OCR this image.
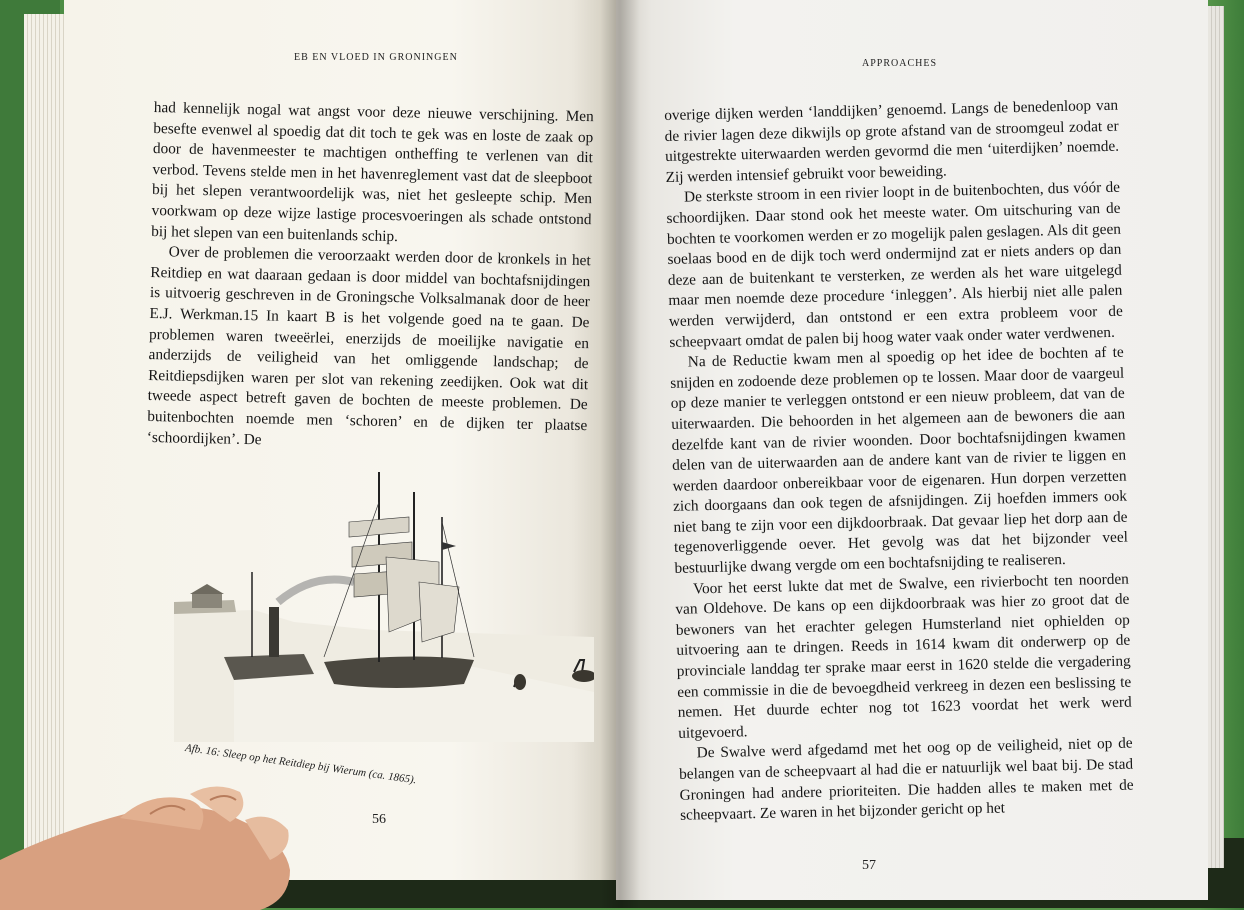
EB EN VLOED IN GRONINGEN

had kennelijk nogal wat angst voor deze nieuwe verschijning. Men besefte evenwel al spoedig dat dit toch te gek was en loste de zaak op door de havenmeester te machtigen ontheffing te verlenen van dit verbod. Tevens stelde men in het havenreglement vast dat de sleepboot bij het slepen verantwoordelijk was, niet het gesleepte schip. Men voorkwam op deze wijze lastige procesvoeringen als schade ontstond bij het slepen van een buitenlands schip.

Over de problemen die veroorzaakt werden door de kronkels in het Reitdiep en wat daaraan gedaan is door middel van bochtafsnijdingen is uitvoerig geschreven in de Groningsche Volksalmanak door de heer E.J. Werkman.15 In kaart B is het volgende goed na te gaan. De problemen waren tweeërlei, enerzijds de moeilijke navigatie en anderzijds de veiligheid van het omliggende landschap; de Reitdiepsdijken waren per slot van rekening zeedijken. Ook wat dit tweede aspect betreft gaven de bochten de meeste problemen. De buitenbochten noemde men ‘schoren’ en de dijken ter plaatse ‘schoordijken’. De

Afb. 16: Sleep op het Reitdiep bij Wierum (ca. 1865).
56
APPROACHES

overige dijken werden ‘landdijken’ genoemd. Langs de benedenloop van de rivier lagen deze dikwijls op grote afstand van de stroomgeul zodat er uitgestrekte uiterwaarden werden gevormd die men ‘uiterdijken’ noemde. Zij werden intensief gebruikt voor beweiding.

De sterkste stroom in een rivier loopt in de buitenbochten, dus vóór de schoordijken. Daar stond ook het meeste water. Om uitschuring van de bochten te voorkomen werden er zo mogelijk palen geslagen. Als dit geen soelaas bood en de dijk toch werd ondermijnd zat er niets anders op dan deze aan de buitenkant te versterken, ze werden als het ware uitgelegd maar men noemde deze procedure ‘inleggen’. Als hierbij niet alle palen werden verwijderd, dan ontstond er een extra probleem voor de scheepvaart omdat de palen bij hoog water vaak onder water verdwenen.

Na de Reductie kwam men al spoedig op het idee de bochten af te snijden en zodoende deze problemen op te lossen. Maar door de vaargeul op deze manier te verleggen ontstond er een nieuw probleem, dat van de uiterwaarden. Die behoorden in het algemeen aan de bewoners die aan dezelfde kant van de rivier woonden. Door bochtafsnijdingen kwamen delen van de uiterwaarden aan de andere kant van de rivier te liggen en werden daardoor onbereikbaar voor de eigenaren. Hun dorpen verzetten zich doorgaans dan ook tegen de afsnijdingen. Zij hoefden immers ook niet bang te zijn voor een dijkdoorbraak. Dat gevaar liep het dorp aan de tegenoverliggende oever. Het gevolg was dat het bijzonder veel bestuurlijke dwang vergde om een bochtafsnijding te realiseren.

Voor het eerst lukte dat met de Swalve, een rivierbocht ten noorden van Oldehove. De kans op een dijkdoorbraak was hier zo groot dat de bewoners van het erachter gelegen Humsterland niet ophielden op uitvoering aan te dringen. Reeds in 1614 kwam dit onderwerp op de provinciale landdag ter sprake maar eerst in 1620 stelde die vergadering een commissie in die de bevoegdheid verkreeg in dezen een beslissing te nemen. Het duurde echter nog tot 1623 voordat het werk werd uitgevoerd.

De Swalve werd afgedamd met het oog op de veiligheid, niet op de belangen van de scheepvaart al had die er natuurlijk wel baat bij. De stad Groningen had andere prioriteiten. Die hadden alles te maken met de scheepvaart. Ze waren in het bijzonder gericht op het

57
